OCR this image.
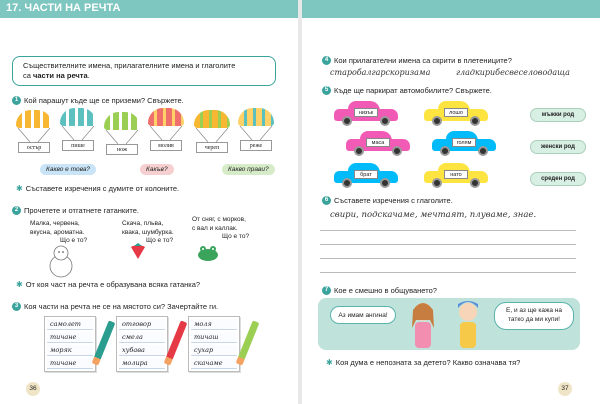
17. ЧАСТИ НА РЕЧТА
Съществителните имена, прилагателните имена и глаголите
са части на речта.
1 Кой парашут къде ще се приземи? Свържете.
остър	пише
нож
молив	череп	реже
Какво е това?	Какъв?	Какво прави?
✱ Съставете изречения с думите от колоните.
2 Прочетете и отгатнете гатанките.
Малка, червена,
вкусна, ароматна.
Що е то?
Скача, пльва,
квака, шумбурка.
Що е то?
От сняг, с морков,
с вал и каллак.
Що е то?
✱ От коя част на речта е образувана всяка гатанка?
3 Коя части на речта не се на мястото си? Зачертайте ги.
самолет
тичане
моряк
тичане
отговор
смела
хубава
молира
моля
тичаш
сухар
скачаме
36
4 Кои прилагателни имена са скрити в плетениците?
старобалгарскоризама	гладкирибесвеселоводаща
5 Къде ще паркират автомобилите? Свържете.
низък	лошо
маса	голям
брат	нато
мъжки род
женски род
среден род
6 Съставете изречения с глаголите.
свири, подскачаме, мечтаят, плуваме, знае.
7 Кое е смешно в общуването?
Аз имам ангина!
Е, и аз ще кажа на татко да ми купи!
✱ Коя дума е непозната за детето? Какво означава тя?
37
